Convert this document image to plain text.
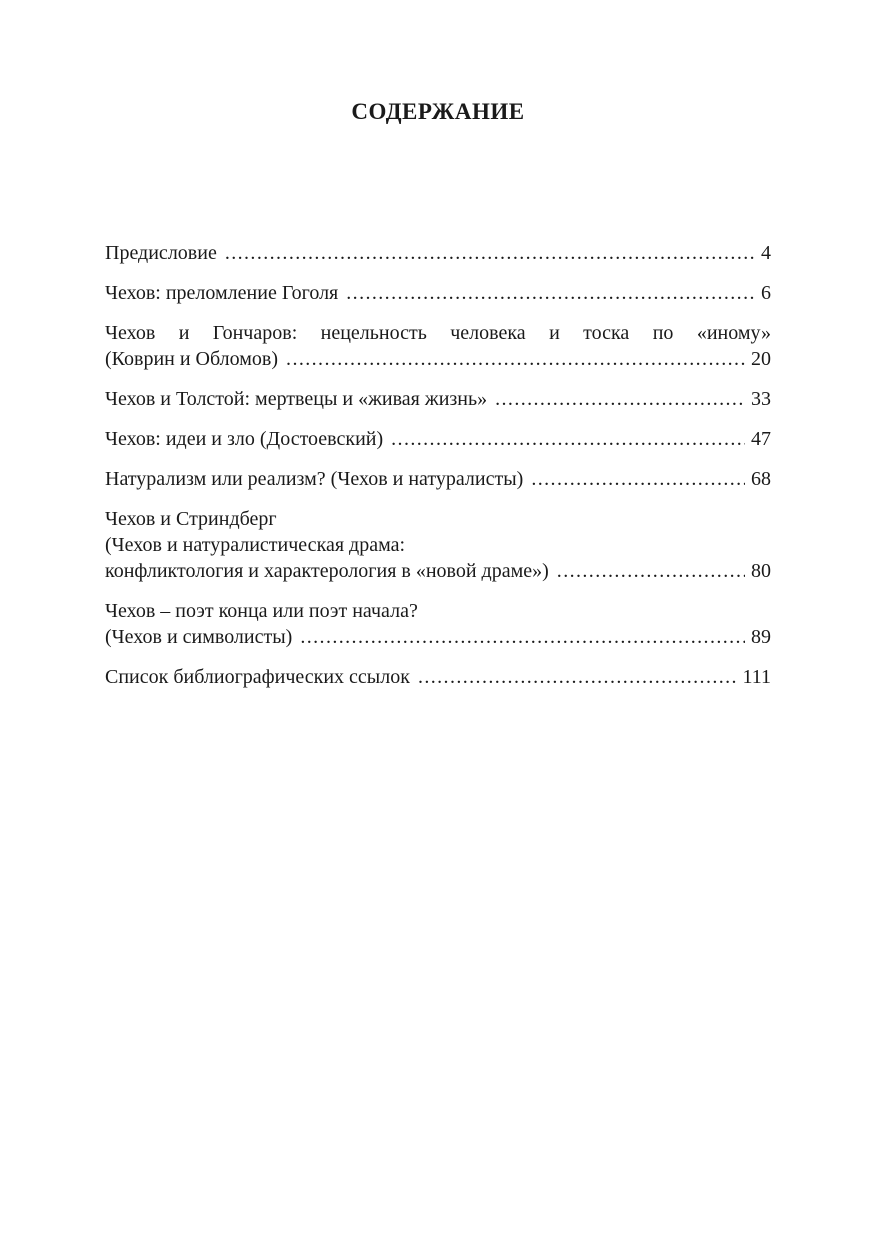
СОДЕРЖАНИЕ
Предисловие .....	4
Чехов: преломление Гоголя .....	6
Чехов и Гончаров: нецельность человека и тоска по «иному»
(Коврин и Обломов) .....	20
Чехов и Толстой: мертвецы и «живая жизнь» .....	33
Чехов: идеи и зло (Достоевский) .....	47
Натурализм или реализм? (Чехов и натуралисты) .....	68
Чехов и Стриндберг
(Чехов и натуралистическая драма:
конфликтология и характерология в «новой драме») .....	80
Чехов – поэт конца или поэт начала?
(Чехов и символисты) .....	89
Список библиографических ссылок .....	111
